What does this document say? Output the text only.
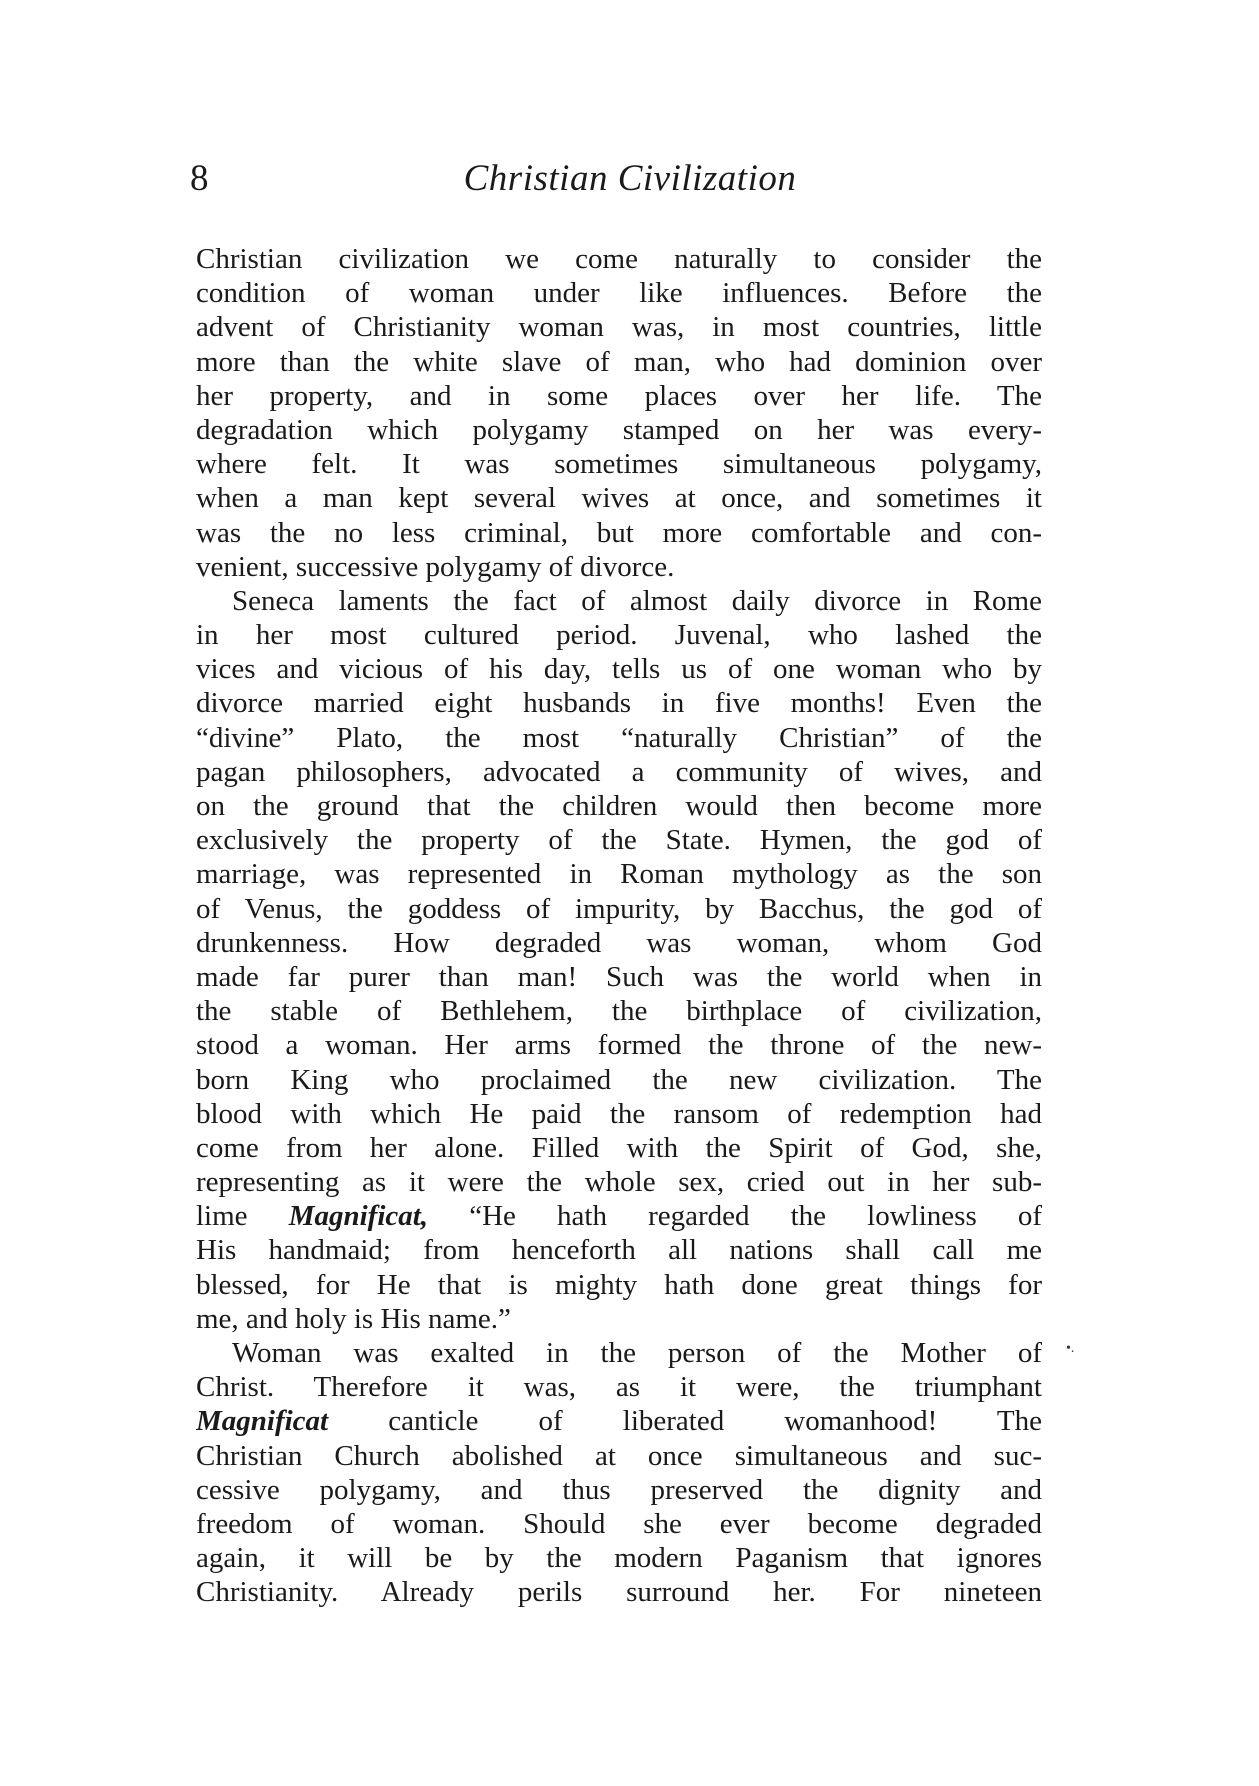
8	Christian Civilization
Christian civilization we come naturally to consider the
condition of woman under like influences. Before the
advent of Christianity woman was, in most countries, little
more than the white slave of man, who had dominion over
her property, and in some places over her life. The
degradation which polygamy stamped on her was every-
where felt. It was sometimes simultaneous polygamy,
when a man kept several wives at once, and sometimes it
was the no less criminal, but more comfortable and con-
venient, successive polygamy of divorce.
Seneca laments the fact of almost daily divorce in Rome
in her most cultured period. Juvenal, who lashed the
vices and vicious of his day, tells us of one woman who by
divorce married eight husbands in five months! Even the
“divine” Plato, the most “naturally Christian” of the
pagan philosophers, advocated a community of wives, and
on the ground that the children would then become more
exclusively the property of the State. Hymen, the god of
marriage, was represented in Roman mythology as the son
of Venus, the goddess of impurity, by Bacchus, the god of
drunkenness. How degraded was woman, whom God
made far purer than man! Such was the world when in
the stable of Bethlehem, the birthplace of civilization,
stood a woman. Her arms formed the throne of the new-
born King who proclaimed the new civilization. The
blood with which He paid the ransom of redemption had
come from her alone. Filled with the Spirit of God, she,
representing as it were the whole sex, cried out in her sub-
lime Magnificat, “He hath regarded the lowliness of
His handmaid; from henceforth all nations shall call me
blessed, for He that is mighty hath done great things for
me, and holy is His name.”
Woman was exalted in the person of the Mother of
Christ. Therefore it was, as it were, the triumphant
Magnificat canticle of liberated womanhood! The
Christian Church abolished at once simultaneous and suc-
cessive polygamy, and thus preserved the dignity and
freedom of woman. Should she ever become degraded
again, it will be by the modern Paganism that ignores
Christianity. Already perils surround her. For nineteen
•.
